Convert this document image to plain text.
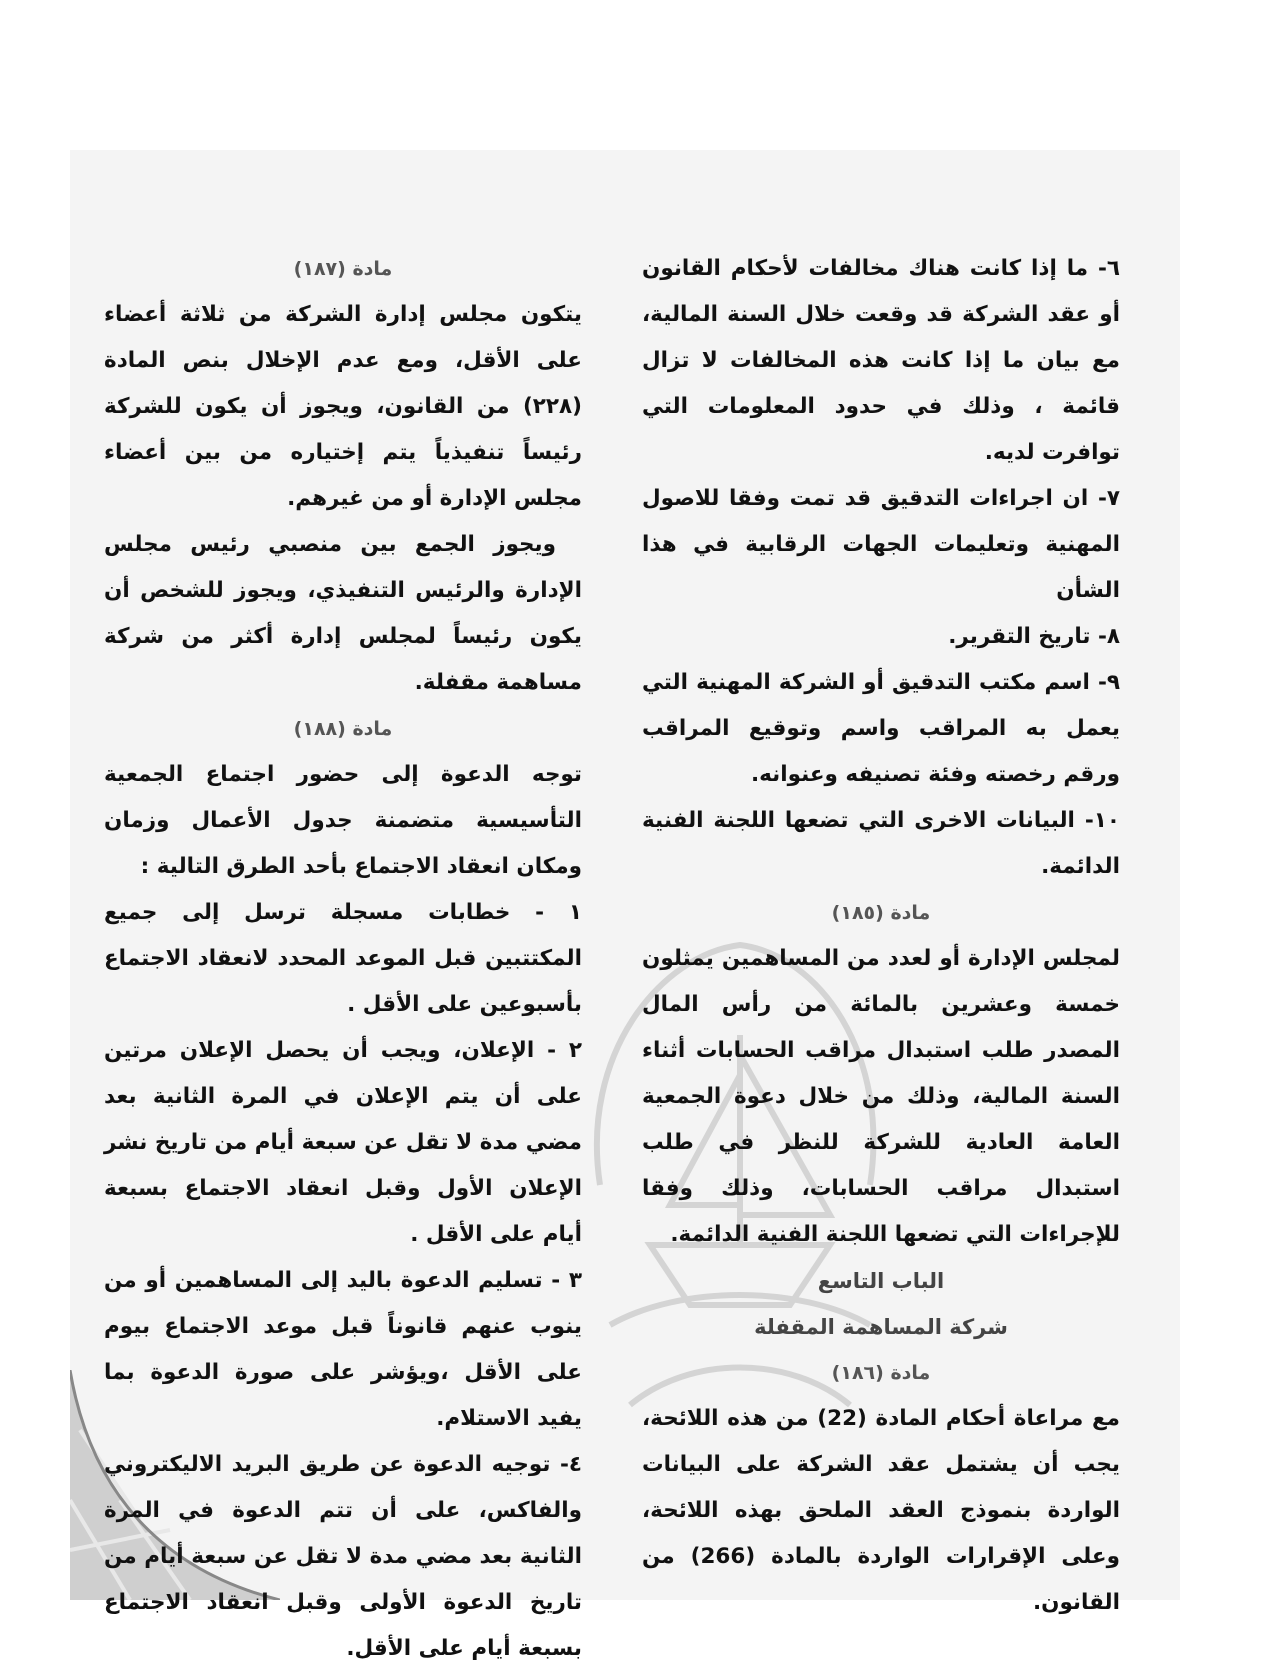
٦- ما إذا كانت هناك مخالفات لأحكام القانون أو عقد الشركة قد وقعت خلال السنة المالية، مع بيان ما إذا كانت هذه المخالفات لا تزال قائمة ، وذلك في حدود المعلومات التي توافرت لديه.

٧- ان اجراءات التدقيق قد تمت وفقا للاصول المهنية وتعليمات الجهات الرقابية في هذا الشأن

٨- تاريخ التقرير.

٩- اسم مكتب التدقيق أو الشركة المهنية التي يعمل به المراقب واسم وتوقيع المراقب ورقم رخصته وفئة تصنيفه وعنوانه.

١٠- البيانات الاخرى التي تضعها اللجنة الفنية الدائمة.

مادة (١٨٥)

لمجلس الإدارة أو لعدد من المساهمين يمثلون خمسة وعشرين بالمائة من رأس المال المصدر طلب استبدال مراقب الحسابات أثناء السنة المالية، وذلك من خلال دعوة الجمعية العامة العادية للشركة للنظر في طلب استبدال مراقب الحسابات، وذلك وفقا للإجراءات التي تضعها اللجنة الفنية الدائمة.

الباب التاسع

شركة المساهمة المقفلة

مادة (١٨٦)

مع مراعاة أحكام المادة (22) من هذه اللائحة، يجب أن يشتمل عقد الشركة على البيانات الواردة بنموذج العقد الملحق بهذه اللائحة، وعلى الإقرارات الواردة بالمادة (266) من القانون.

مادة (١٨٧)

يتكون مجلس إدارة الشركة من ثلاثة أعضاء على الأقل، ومع عدم الإخلال بنص المادة (٢٢٨) من القانون، ويجوز أن يكون للشركة رئيساً تنفيذياً يتم إختياره من بين أعضاء مجلس الإدارة أو من غيرهم.

ويجوز الجمع بين منصبي رئيس مجلس الإدارة والرئيس التنفيذي، ويجوز للشخص أن يكون رئيساً لمجلس إدارة أكثر من شركة مساهمة مقفلة.

مادة (١٨٨)

توجه الدعوة إلى حضور اجتماع الجمعية التأسيسية متضمنة جدول الأعمال وزمان ومكان انعقاد الاجتماع بأحد الطرق التالية :

١ - خطابات مسجلة ترسل إلى جميع المكتتبين قبل الموعد المحدد لانعقاد الاجتماع بأسبوعين على الأقل .

٢ - الإعلان، ويجب أن يحصل الإعلان مرتين على أن يتم الإعلان في المرة الثانية بعد مضي مدة لا تقل عن سبعة أيام من تاريخ نشر الإعلان الأول وقبل انعقاد الاجتماع بسبعة أيام على الأقل .

٣ - تسليم الدعوة باليد إلى المساهمين أو من ينوب عنهم قانوناً قبل موعد الاجتماع بيوم على الأقل ،ويؤشر على صورة الدعوة بما يفيد الاستلام.

٤- توجيه الدعوة عن طريق البريد الاليكتروني والفاكس، على أن تتم الدعوة في المرة الثانية بعد مضي مدة لا تقل عن سبعة أيام من تاريخ الدعوة الأولى وقبل انعقاد الاجتماع بسبعة أيام على الأقل.
